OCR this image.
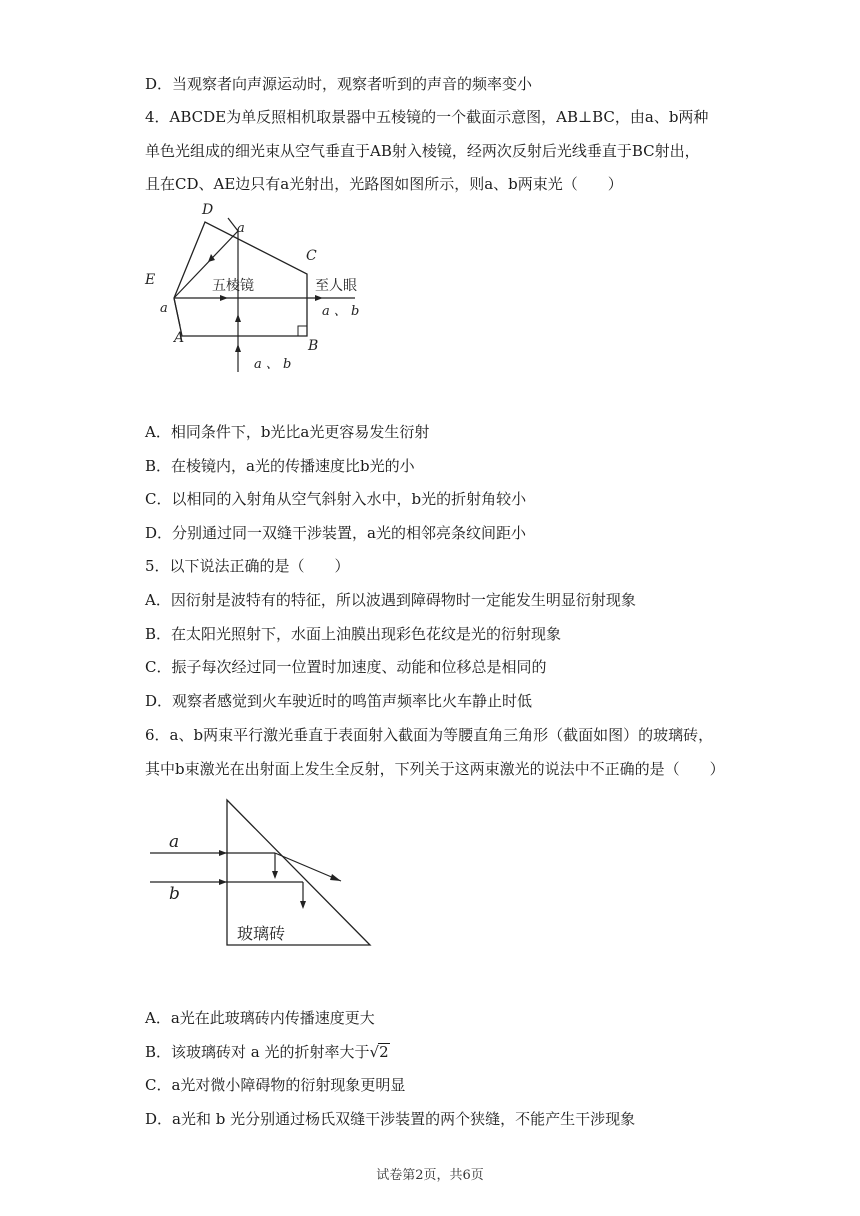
D．当观察者向声源运动时，观察者听到的声音的频率变小
4．ABCDE为单反照相机取景器中五棱镜的一个截面示意图，AB⊥BC，由a、b两种
单色光组成的细光束从空气垂直于AB射入棱镜，经两次反射后光线垂直于BC射出，
且在CD、AE边只有a光射出，光路图如图所示，则a、b两束光（　　）
D
a
C
E	五棱镜	至人眼
a 、 b
a
A	B
a 、 b
A．相同条件下，b光比a光更容易发生衍射
B．在棱镜内，a光的传播速度比b光的小
C．以相同的入射角从空气斜射入水中，b光的折射角较小
D．分别通过同一双缝干涉装置，a光的相邻亮条纹间距小
5．以下说法正确的是（　　）
A．因衍射是波特有的特征，所以波遇到障碍物时一定能发生明显衍射现象
B．在太阳光照射下，水面上油膜出现彩色花纹是光的衍射现象
C．振子每次经过同一位置时加速度、动能和位移总是相同的
D．观察者感觉到火车驶近时的鸣笛声频率比火车静止时低
6．a、b两束平行激光垂直于表面射入截面为等腰直角三角形（截面如图）的玻璃砖，
其中b束激光在出射面上发生全反射，下列关于这两束激光的说法中不正确的是（　　）
a
b
玻璃砖
A．a光在此玻璃砖内传播速度更大
B．该玻璃砖对 a 光的折射率大于√2
C．a光对微小障碍物的衍射现象更明显
D．a光和 b 光分别通过杨氏双缝干涉装置的两个狭缝，不能产生干涉现象
试卷第2页，共6页
